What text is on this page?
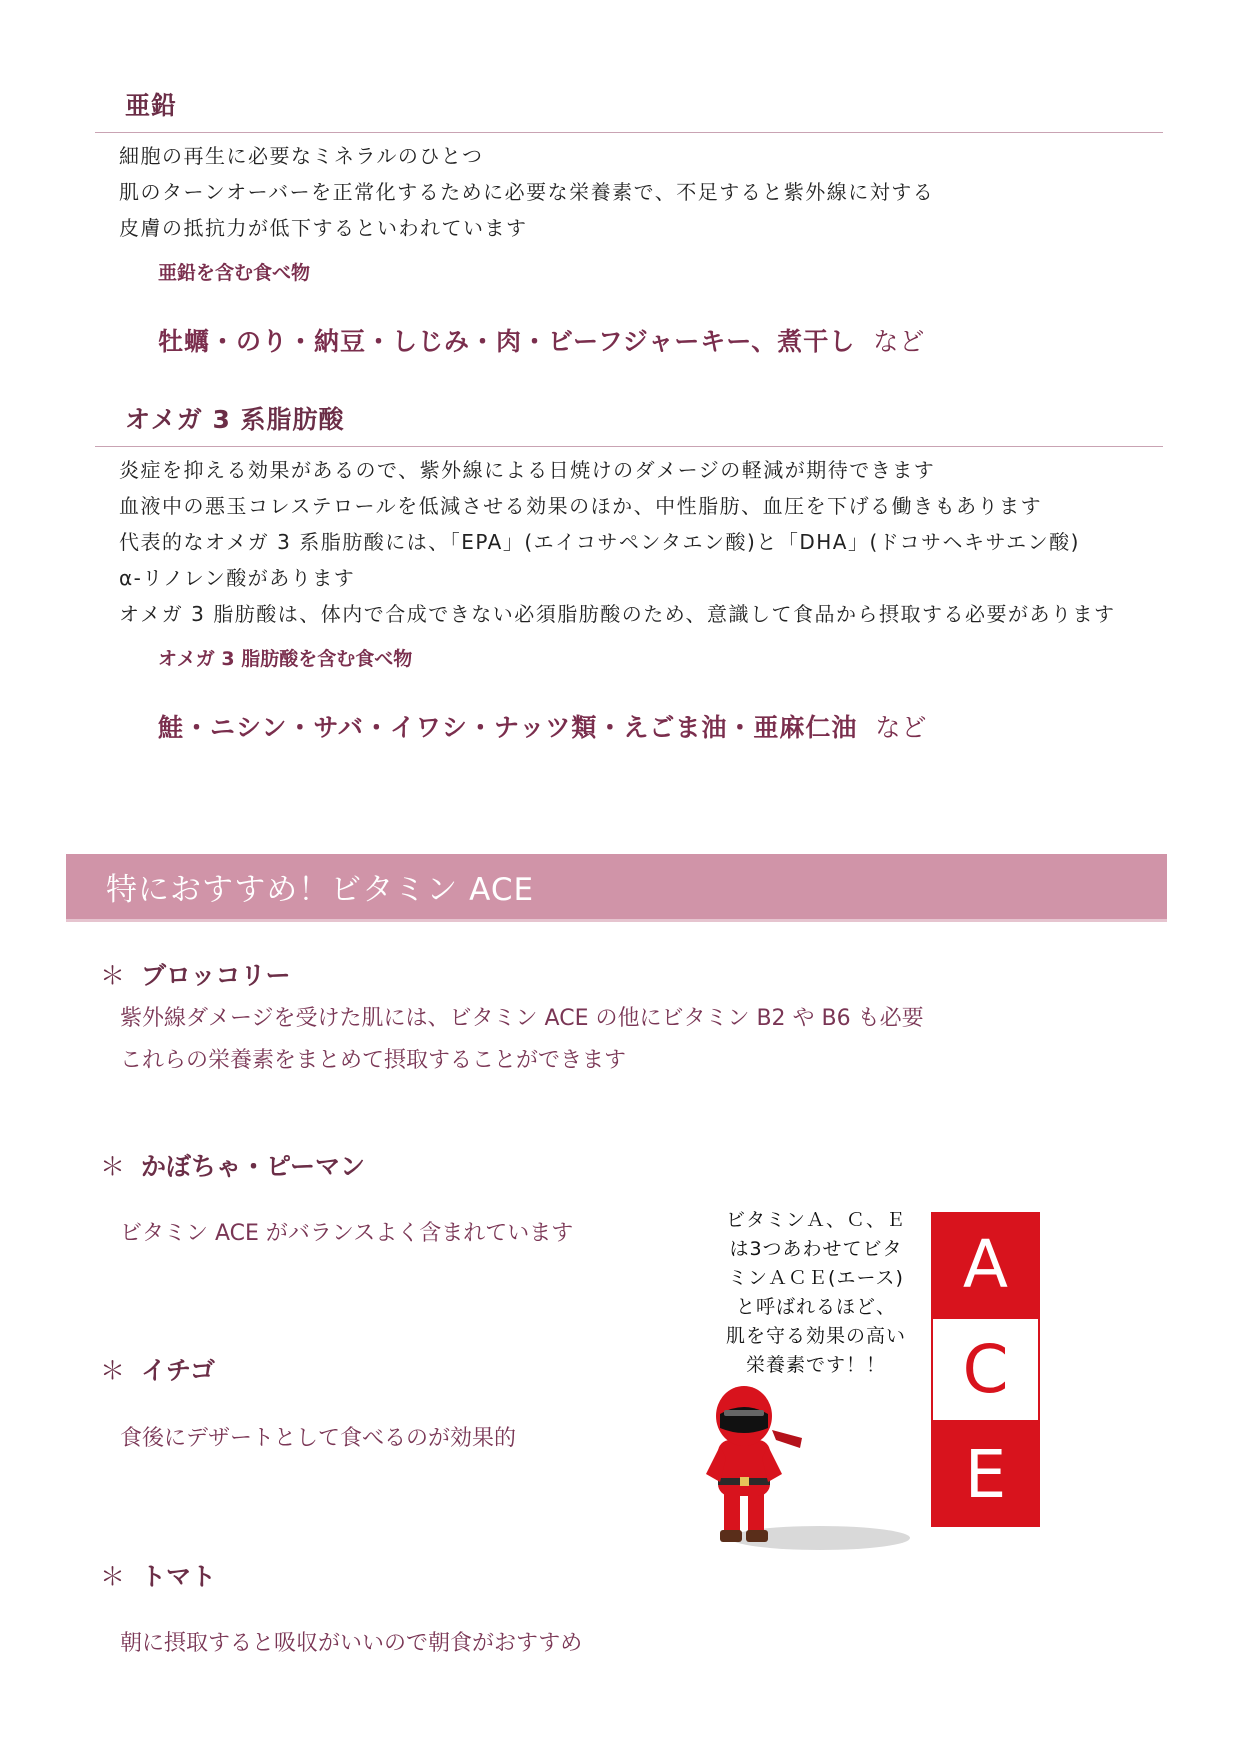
亜鉛
細胞の再生に必要なミネラルのひとつ
肌のターンオーバーを正常化するために必要な栄養素で、不足すると紫外線に対する
皮膚の抵抗力が低下するといわれています
亜鉛を含む食べ物
牡蠣・のり・納豆・しじみ・肉・ビーフジャーキー、煮干し など
オメガ 3 系脂肪酸
炎症を抑える効果があるので、紫外線による日焼けのダメージの軽減が期待できます
血液中の悪玉コレステロールを低減させる効果のほか、中性脂肪、血圧を下げる働きもあります
代表的なオメガ 3 系脂肪酸には、「EPA」(エイコサペンタエン酸)と「DHA」(ドコサヘキサエン酸)
α-リノレン酸があります
オメガ 3 脂肪酸は、体内で合成できない必須脂肪酸のため、意識して食品から摂取する必要があります
オメガ 3 脂肪酸を含む食べ物
鮭・ニシン・サバ・イワシ・ナッツ類・えごま油・亜麻仁油 など
特におすすめ！ビタミン ACE
＊ ブロッコリー
紫外線ダメージを受けた肌には、ビタミン ACE の他にビタミン B2 や B6 も必要
これらの栄養素をまとめて摂取することができます
＊ かぼちゃ・ピーマン
ビタミン ACE がバランスよく含まれています
＊ イチゴ
食後にデザートとして食べるのが効果的
＊ トマト
朝に摂取すると吸収がいいので朝食がおすすめ
ビタミンＡ、Ｃ、Ｅ
は3つあわせてビタ
ミンＡＣＥ(エース)
と呼ばれるほど、
肌を守る効果の高い
栄養素です！！
A
C
E
